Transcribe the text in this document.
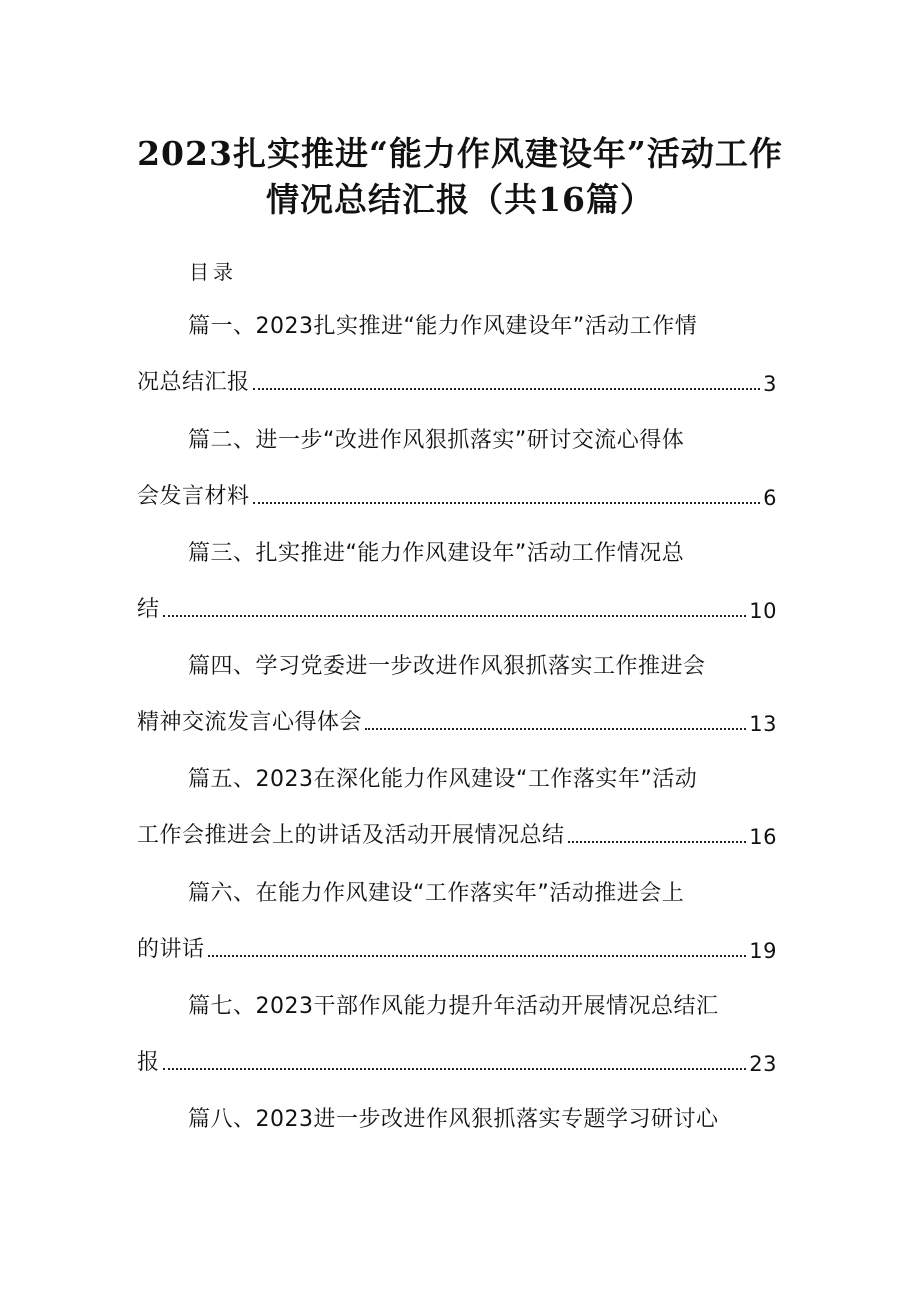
2023扎实推进“能力作风建设年”活动工作
情况总结汇报（共16篇）
目录
篇一、2023扎实推进“能力作风建设年”活动工作情
况总结汇报	3
篇二、进一步“改进作风狠抓落实”研讨交流心得体
会发言材料	6
篇三、扎实推进“能力作风建设年”活动工作情况总
结	10
篇四、学习党委进一步改进作风狠抓落实工作推进会
精神交流发言心得体会	13
篇五、2023在深化能力作风建设“工作落实年”活动
工作会推进会上的讲话及活动开展情况总结	16
篇六、在能力作风建设“工作落实年”活动推进会上
的讲话	19
篇七、2023干部作风能力提升年活动开展情况总结汇
报	23
篇八、2023进一步改进作风狠抓落实专题学习研讨心
